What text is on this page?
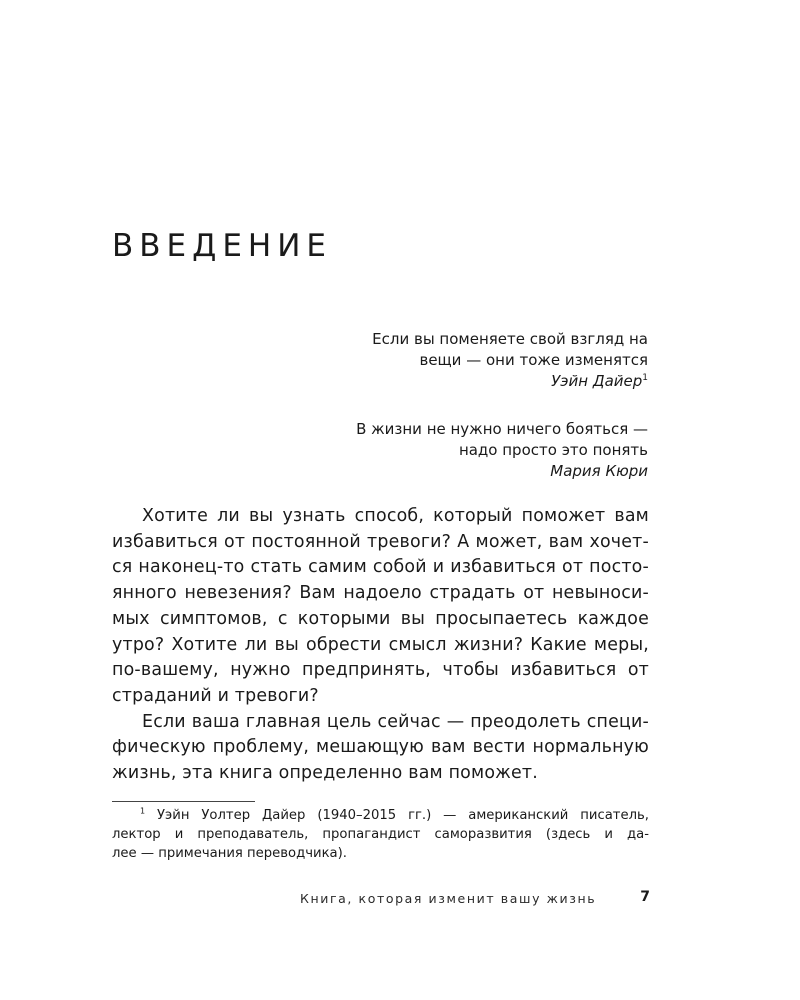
ВВЕДЕНИЕ
Если вы поменяете свой взгляд на
вещи — они тоже изменятся
Уэйн Дайер$^1$
В жизни не нужно ничего бояться —
надо просто это понять
Мария Кюри

Хотите ли вы узнать способ, который поможет вам
избавиться от постоянной тревоги? А может, вам хочет-
ся наконец-то стать самим собой и избавиться от посто-
янного невезения? Вам надоело страдать от невыноси-
мых симптомов, с которыми вы просыпаетесь каждое
утро? Хотите ли вы обрести смысл жизни? Какие меры,
по-вашему, нужно предпринять, чтобы избавиться от
страданий и тревоги?

Если ваша главная цель сейчас — преодолеть специ-
фическую проблему, мешающую вам вести нормальную
жизнь, эта книга определенно вам поможет.

$^1$ Уэйн Уолтер Дайер (1940–2015 гг.) — американский писатель,
лектор и преподаватель, пропагандист саморазвития (здесь и да-
лее — примечания переводчика).
Книга, которая изменит вашу жизнь	7
